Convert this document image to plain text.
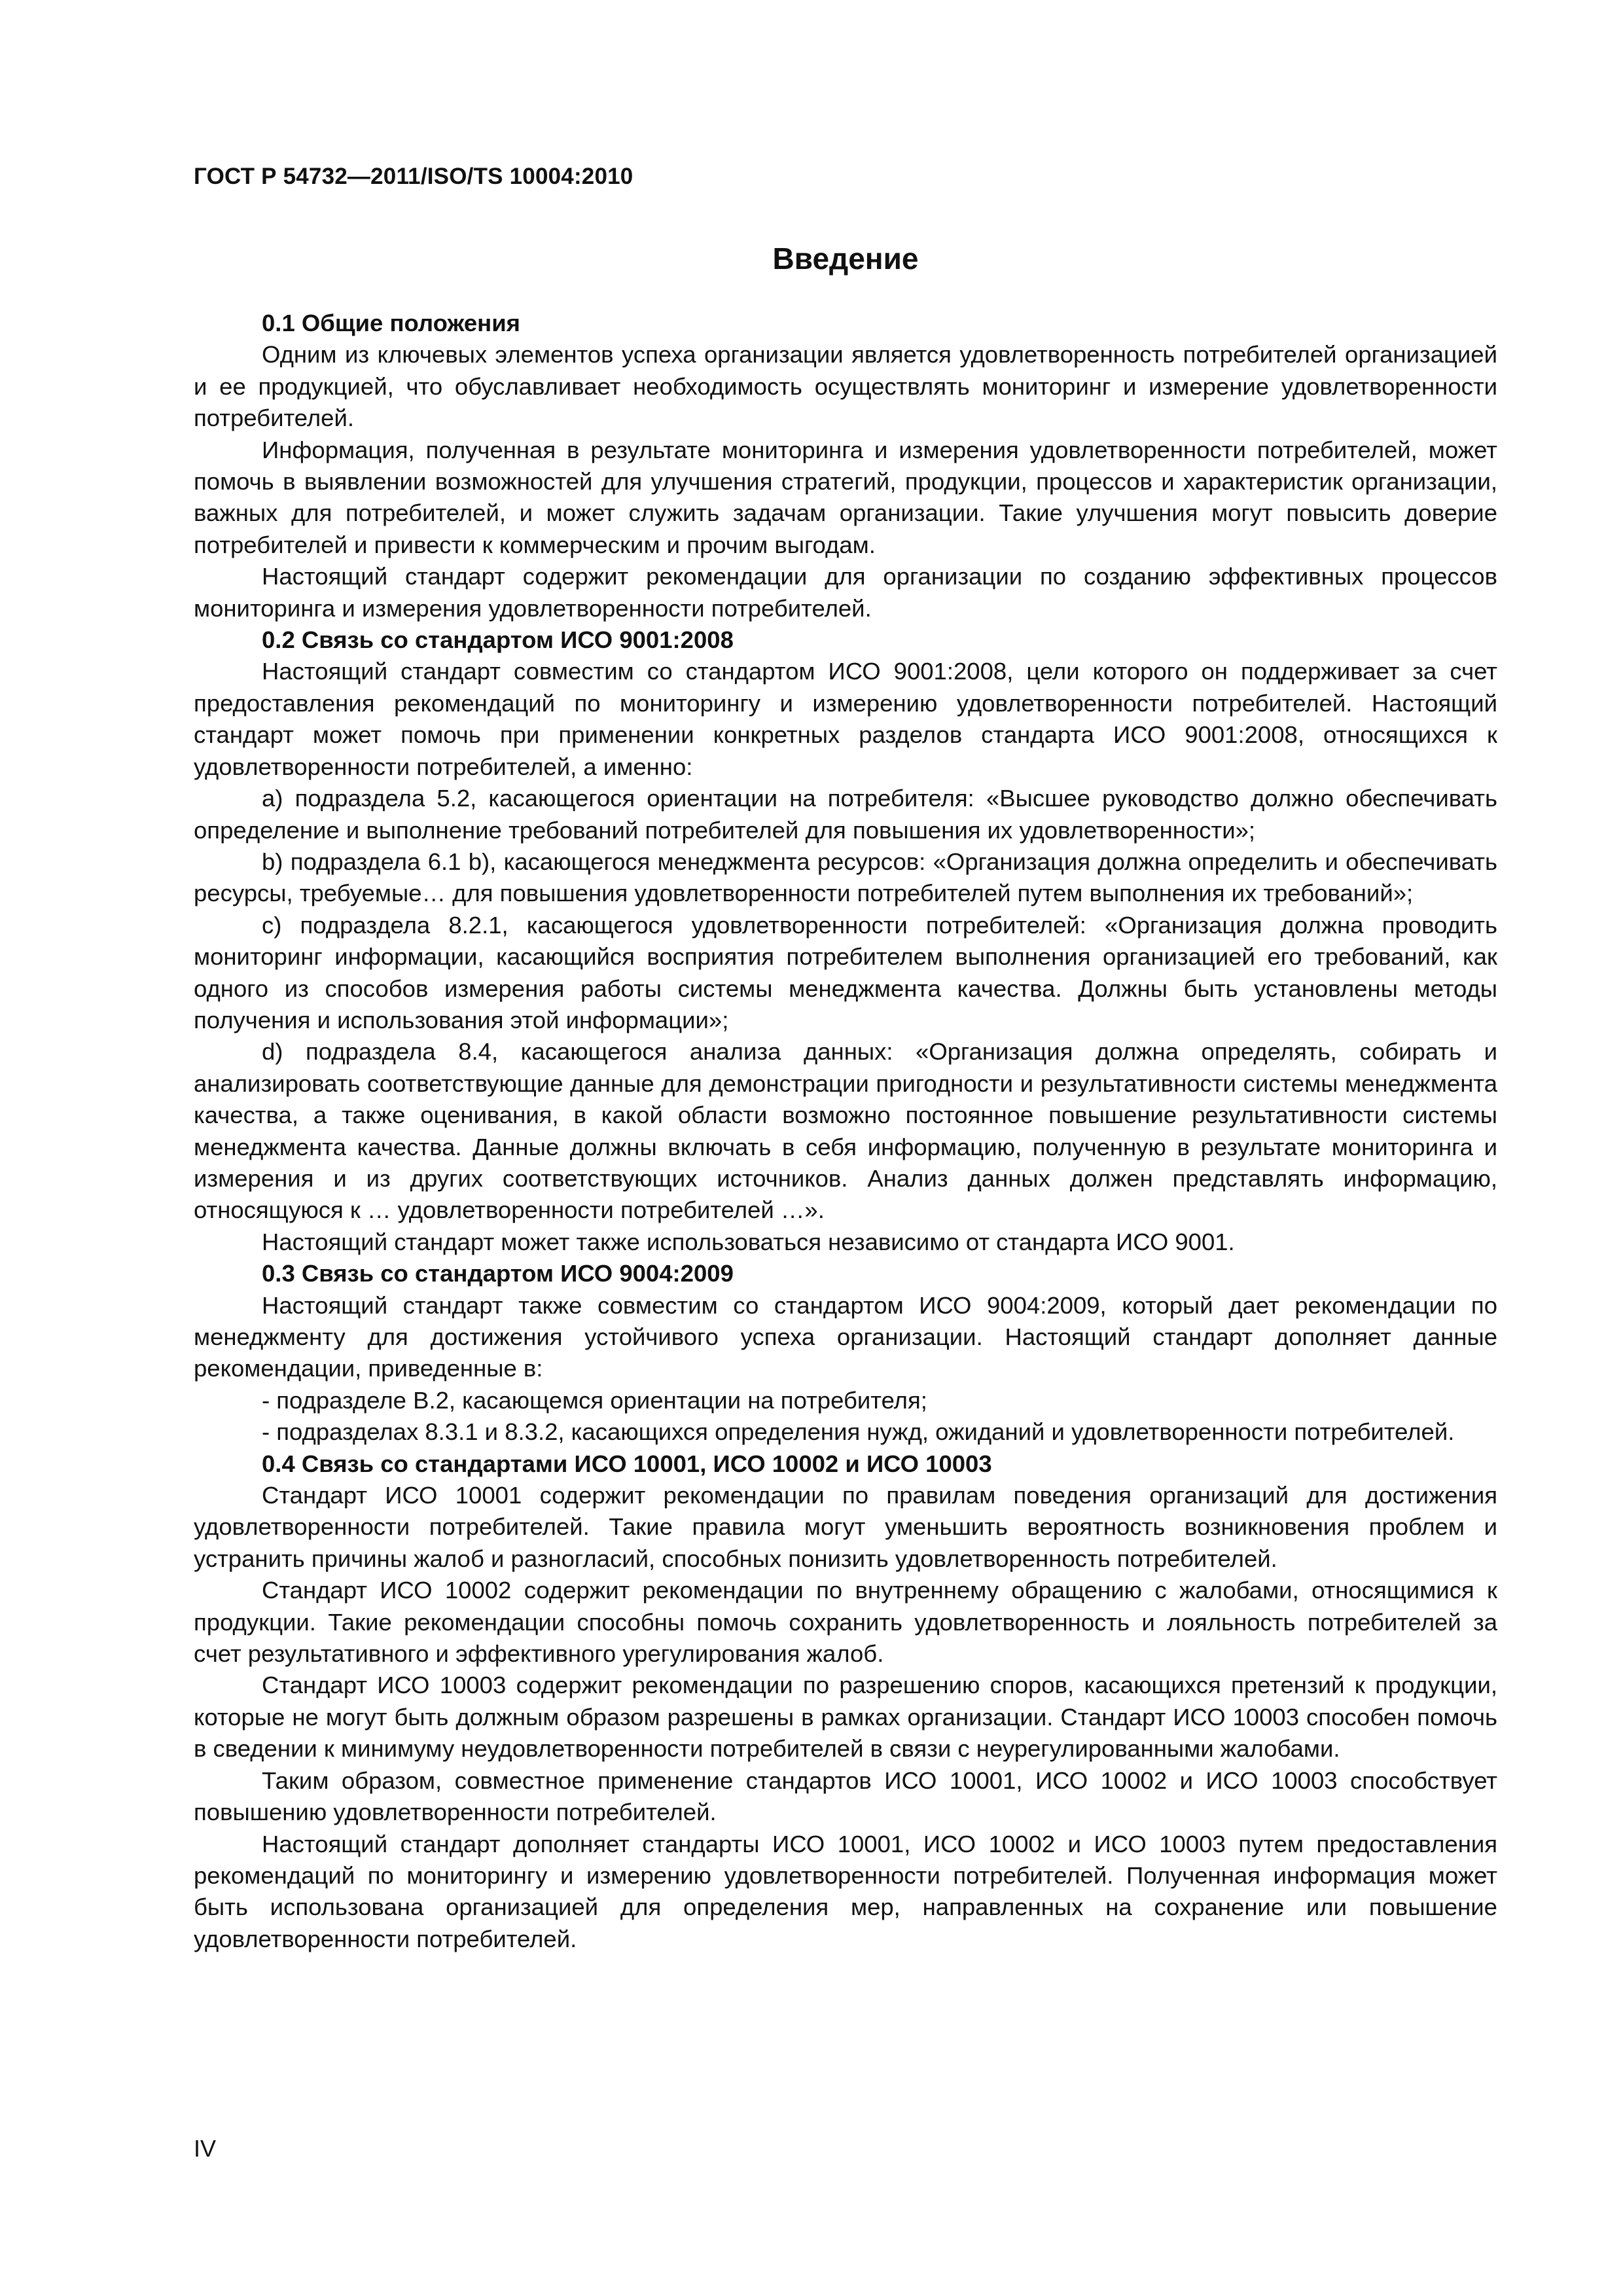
ГОСТ Р 54732—2011/ISO/TS 10004:2010
Введение

0.1 Общие положения

Одним из ключевых элементов успеха организации является удовлетворенность потребителей организацией и ее продукцией, что обуславливает необходимость осуществлять мониторинг и измерение удовлетворенности потребителей.

Информация, полученная в результате мониторинга и измерения удовлетворенности потребителей, может помочь в выявлении возможностей для улучшения стратегий, продукции, процессов и характеристик организации, важных для потребителей, и может служить задачам организации. Такие улучшения могут повысить доверие потребителей и привести к коммерческим и прочим выгодам.

Настоящий стандарт содержит рекомендации для организации по созданию эффективных процессов мониторинга и измерения удовлетворенности потребителей.

0.2 Связь со стандартом ИСО 9001:2008

Настоящий стандарт совместим со стандартом ИСО 9001:2008, цели которого он поддерживает за счет предоставления рекомендаций по мониторингу и измерению удовлетворенности потребителей. Настоящий стандарт может помочь при применении конкретных разделов стандарта ИСО 9001:2008, относящихся к удовлетворенности потребителей, а именно:

а) подраздела 5.2, касающегося ориентации на потребителя: «Высшее руководство должно обеспечивать определение и выполнение требований потребителей для повышения их удовлетворенности»;

b) подраздела 6.1 b), касающегося менеджмента ресурсов: «Организация должна определить и обеспечивать ресурсы, требуемые… для повышения удовлетворенности потребителей путем выполнения их требований»;

с) подраздела 8.2.1, касающегося удовлетворенности потребителей: «Организация должна проводить мониторинг информации, касающийся восприятия потребителем выполнения организацией его требований, как одного из способов измерения работы системы менеджмента качества. Должны быть установлены методы получения и использования этой информации»;

d) подраздела 8.4, касающегося анализа данных: «Организация должна определять, собирать и анализировать соответствующие данные для демонстрации пригодности и результативности системы менеджмента качества, а также оценивания, в какой области возможно постоянное повышение результативности системы менеджмента качества. Данные должны включать в себя информацию, полученную в результате мониторинга и измерения и из других соответствующих источников. Анализ данных должен представлять информацию, относящуюся к … удовлетворенности потребителей …».

Настоящий стандарт может также использоваться независимо от стандарта ИСО 9001.

0.3 Связь со стандартом ИСО 9004:2009

Настоящий стандарт также совместим со стандартом ИСО 9004:2009, который дает рекомендации по менеджменту для достижения устойчивого успеха организации. Настоящий стандарт дополняет данные рекомендации, приведенные в:

- подразделе В.2, касающемся ориентации на потребителя;

- подразделах 8.3.1 и 8.3.2, касающихся определения нужд, ожиданий и удовлетворенности потребителей.

0.4 Связь со стандартами ИСО 10001, ИСО 10002 и ИСО 10003

Стандарт ИСО 10001 содержит рекомендации по правилам поведения организаций для достижения удовлетворенности потребителей. Такие правила могут уменьшить вероятность возникновения проблем и устранить причины жалоб и разногласий, способных понизить удовлетворенность потребителей.

Стандарт ИСО 10002 содержит рекомендации по внутреннему обращению с жалобами, относящимися к продукции. Такие рекомендации способны помочь сохранить удовлетворенность и лояльность потребителей за счет результативного и эффективного урегулирования жалоб.

Стандарт ИСО 10003 содержит рекомендации по разрешению споров, касающихся претензий к продукции, которые не могут быть должным образом разрешены в рамках организации. Стандарт ИСО 10003 способен помочь в сведении к минимуму неудовлетворенности потребителей в связи с неурегулированными жалобами.

Таким образом, совместное применение стандартов ИСО 10001, ИСО 10002 и ИСО 10003 способствует повышению удовлетворенности потребителей.

Настоящий стандарт дополняет стандарты ИСО 10001, ИСО 10002 и ИСО 10003 путем предоставления рекомендаций по мониторингу и измерению удовлетворенности потребителей. Полученная информация может быть использована организацией для определения мер, направленных на сохранение или повышение удовлетворенности потребителей.

IV
